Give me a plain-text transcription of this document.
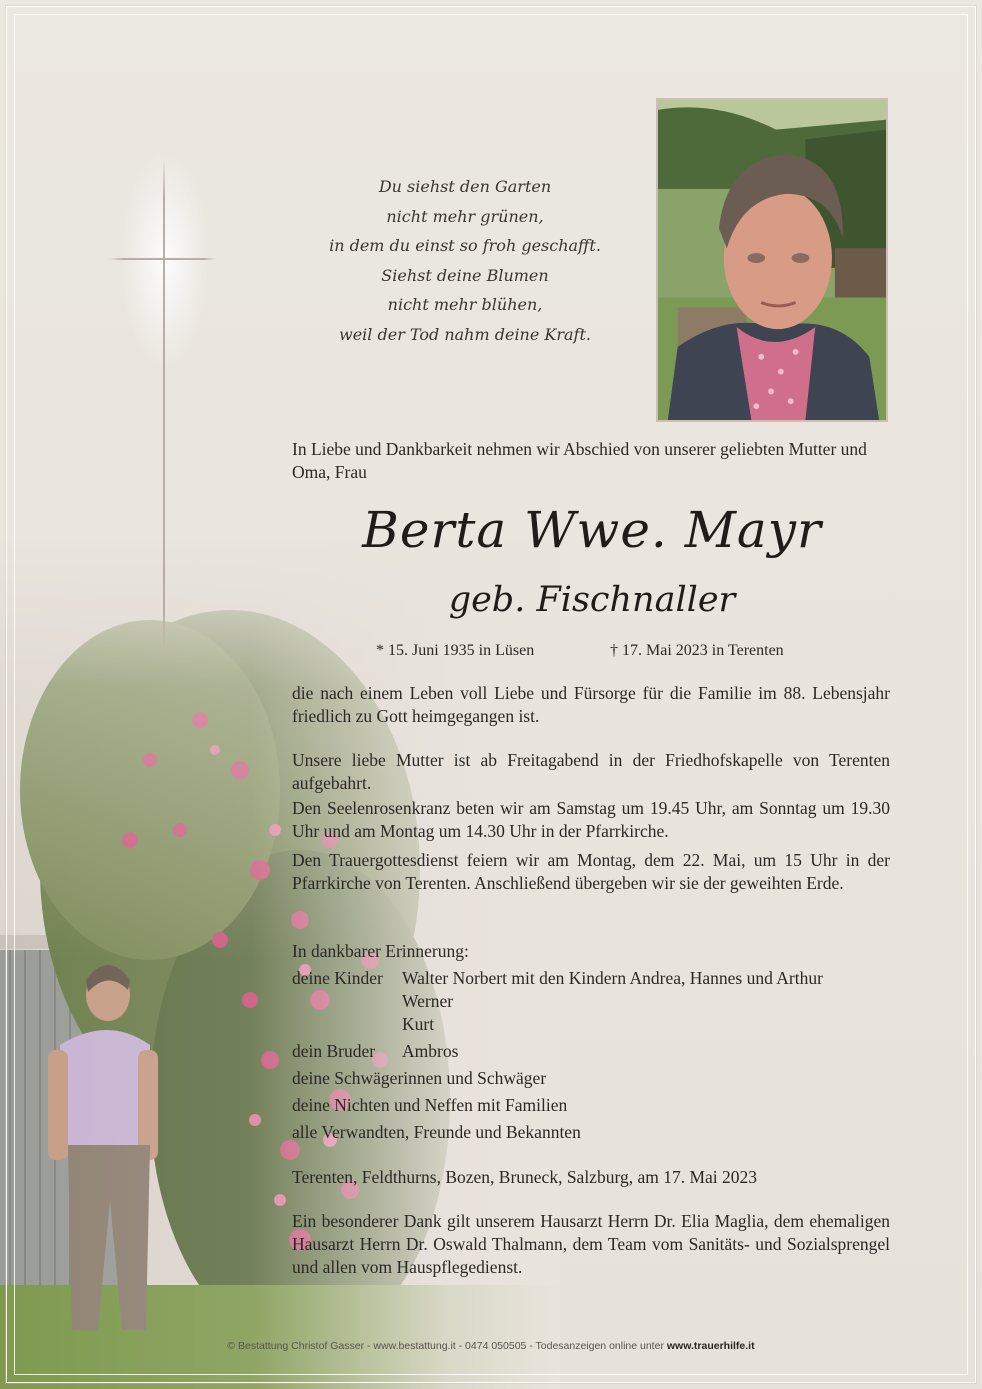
Du siehst den Garten
nicht mehr grünen,
in dem du einst so froh geschafft.
Siehst deine Blumen
nicht mehr blühen,
weil der Tod nahm deine Kraft.
In Liebe und Dankbarkeit nehmen wir Abschied von unserer geliebten Mutter und Oma, Frau
Berta Wwe. Mayr
geb. Fischnaller
* 15. Juni 1935 in Lüsen	† 17. Mai 2023 in Terenten
die nach einem Leben voll Liebe und Fürsorge für die Familie im 88. Lebensjahr friedlich zu Gott heimgegangen ist.
Unsere liebe Mutter ist ab Freitagabend in der Friedhofskapelle von Terenten aufgebahrt.
Den Seelenrosenkranz beten wir am Samstag um 19.45 Uhr, am Sonntag um 19.30 Uhr und am Montag um 14.30 Uhr in der Pfarrkirche.
Den Trauergottesdienst feiern wir am Montag, dem 22. Mai, um 15 Uhr in der Pfarrkirche von Terenten. Anschließend übergeben wir sie der geweihten Erde.
In dankbarer Erinnerung:
deine Kinder	Walter Norbert mit den Kindern Andrea, Hannes und Arthur
Werner
Kurt
dein Bruder	Ambros
deine Schwägerinnen und Schwäger
deine Nichten und Neffen mit Familien
alle Verwandten, Freunde und Bekannten
Terenten, Feldthurns, Bozen, Bruneck, Salzburg, am 17. Mai 2023
Ein besonderer Dank gilt unserem Hausarzt Herrn Dr. Elia Maglia, dem ehemaligen Hausarzt Herrn Dr. Oswald Thalmann, dem Team vom Sanitäts- und Sozialsprengel und allen vom Hauspflegedienst.
© Bestattung Christof Gasser - www.bestattung.it - 0474 050505 - Todesanzeigen online unter www.trauerhilfe.it
